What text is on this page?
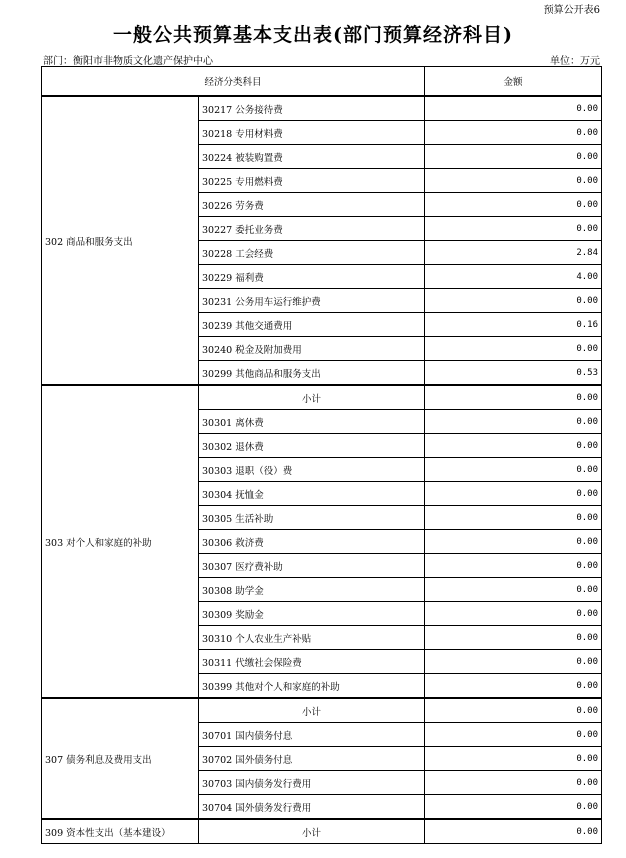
预算公开表6
一般公共预算基本支出表(部门预算经济科目)
部门：衡阳市非物质文化遗产保护中心	单位：万元
经济分类科目		金额
302 商品和服务支出	30217 公务接待费	0.00
	30218 专用材料费	0.00
	30224 被装购置费	0.00
	30225 专用燃料费	0.00
	30226 劳务费	0.00
	30227 委托业务费	0.00
	30228 工会经费	2.84
	30229 福利费	4.00
	30231 公务用车运行维护费	0.00
	30239 其他交通费用	0.16
	30240 税金及附加费用	0.00
	30299 其他商品和服务支出	0.53
303 对个人和家庭的补助	小计	0.00
	30301 离休费	0.00
	30302 退休费	0.00
	30303 退职（役）费	0.00
	30304 抚恤金	0.00
	30305 生活补助	0.00
	30306 救济费	0.00
	30307 医疗费补助	0.00
	30308 助学金	0.00
	30309 奖励金	0.00
	30310 个人农业生产补贴	0.00
	30311 代缴社会保险费	0.00
	30399 其他对个人和家庭的补助	0.00
307 债务利息及费用支出	小计	0.00
	30701 国内债务付息	0.00
	30702 国外债务付息	0.00
	30703 国内债务发行费用	0.00
	30704 国外债务发行费用	0.00
309 资本性支出（基本建设）	小计	0.00
